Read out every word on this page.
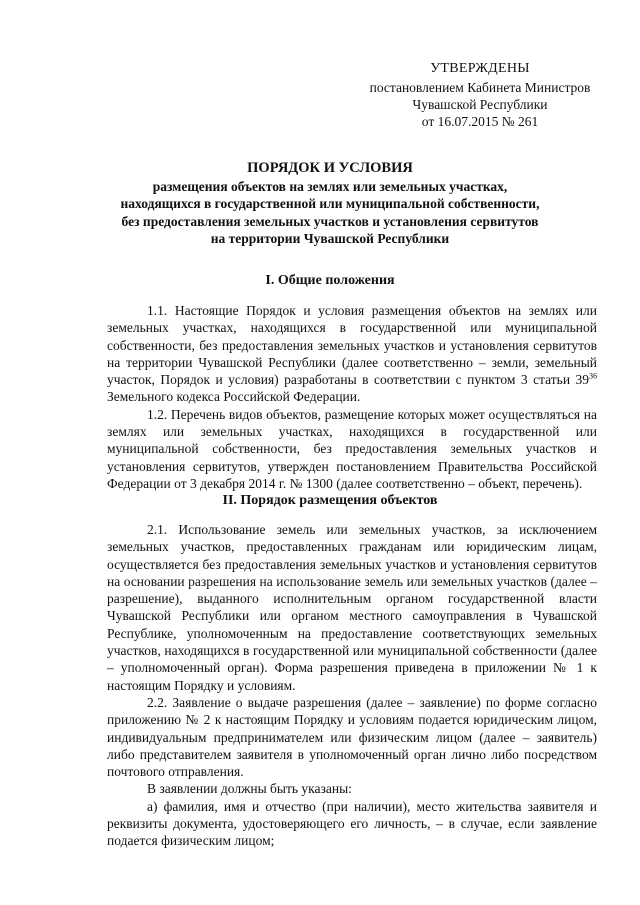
УТВЕРЖДЕНЫ
постановлением Кабинета Министров
Чувашской Республики
от 16.07.2015 № 261
ПОРЯДОК И УСЛОВИЯ
размещения объектов на землях или земельных участках,
находящихся в государственной или муниципальной собственности,
без предоставления земельных участков и установления сервитутов
на территории Чувашской Республики
I. Общие положения

1.1. Настоящие Порядок и условия размещения объектов на землях или земельных участках, находящихся в государственной или муниципальной собственности, без предоставления земельных участков и установления сервитутов на территории Чувашской Республики (далее соответственно – земли, земельный участок, Порядок и условия) разработаны в соответствии с пунктом 3 статьи $39^{36}$ Земельного кодекса Российской Федерации.

1.2. Перечень видов объектов, размещение которых может осуществляться на землях или земельных участках, находящихся в государственной или муниципальной собственности, без предоставления земельных участков и установления сервитутов, утвержден постановлением Правительства Российской Федерации от 3 декабря 2014 г. № 1300 (далее соответственно – объект, перечень).

II. Порядок размещения объектов

2.1. Использование земель или земельных участков, за исключением земельных участков, предоставленных гражданам или юридическим лицам, осуществляется без предоставления земельных участков и установления сервитутов на основании разрешения на использование земель или земельных участков (далее – разрешение), выданного исполнительным органом государственной власти Чувашской Республики или органом местного самоуправления в Чувашской Республике, уполномоченным на предоставление соответствующих земельных участков, находящихся в государственной или муниципальной собственности (далее – уполномоченный орган). Форма разрешения приведена в приложении № 1 к настоящим Порядку и условиям.

2.2. Заявление о выдаче разрешения (далее – заявление) по форме согласно приложению № 2 к настоящим Порядку и условиям подается юридическим лицом, индивидуальным предпринимателем или физическим лицом (далее – заявитель) либо представителем заявителя в уполномоченный орган лично либо посредством почтового отправления.

В заявлении должны быть указаны:

а) фамилия, имя и отчество (при наличии), место жительства заявителя и реквизиты документа, удостоверяющего его личность, – в случае, если заявление подается физическим лицом;
